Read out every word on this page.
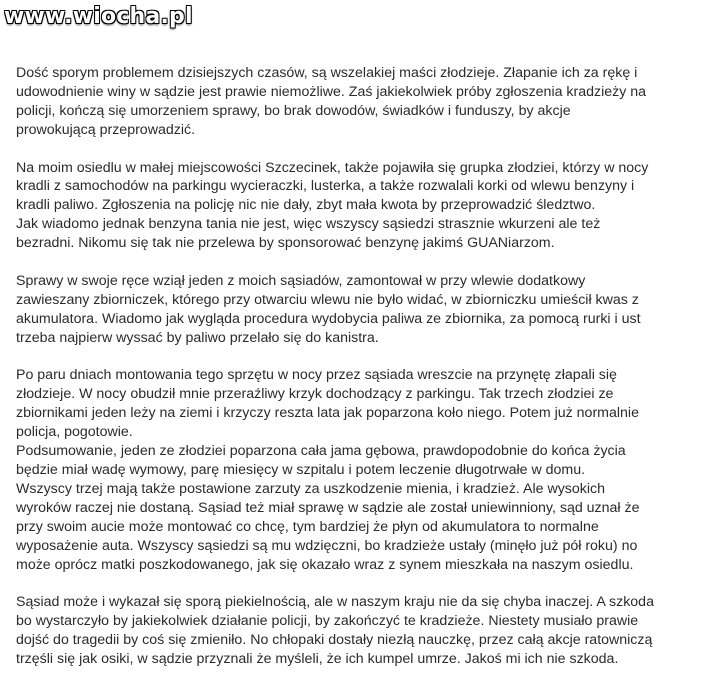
www.wiocha.pl

Dość sporym problemem dzisiejszych czasów, są wszelakiej maści złodzieje. Złapanie ich za rękę i
udowodnienie winy w sądzie jest prawie niemożliwe. Zaś jakiekolwiek próby zgłoszenia kradzieży na
policji, kończą się umorzeniem sprawy, bo brak dowodów, świadków i funduszy, by akcje
prowokującą przeprowadzić.

Na moim osiedlu w małej miejscowości Szczecinek, także pojawiła się grupka złodziei, którzy w nocy
kradli z samochodów na parkingu wycieraczki, lusterka, a także rozwalali korki od wlewu benzyny i
kradli paliwo. Zgłoszenia na policję nic nie dały, zbyt mała kwota by przeprowadzić śledztwo.
Jak wiadomo jednak benzyna tania nie jest, więc wszyscy sąsiedzi strasznie wkurzeni ale też
bezradni. Nikomu się tak nie przelewa by sponsorować benzynę jakimś GUANiarzom.

Sprawy w swoje ręce wziął jeden z moich sąsiadów, zamontował w przy wlewie dodatkowy
zawieszany zbiorniczek, którego przy otwarciu wlewu nie było widać, w zbiorniczku umieścił kwas z
akumulatora. Wiadomo jak wygląda procedura wydobycia paliwa ze zbiornika, za pomocą rurki i ust
trzeba najpierw wyssać by paliwo przelało się do kanistra.

Po paru dniach montowania tego sprzętu w nocy przez sąsiada wreszcie na przynętę złapali się
złodzieje. W nocy obudził mnie przeraźliwy krzyk dochodzący z parkingu. Tak trzech złodziei ze
zbiornikami jeden leży na ziemi i krzyczy reszta lata jak poparzona koło niego. Potem już normalnie
policja, pogotowie.
Podsumowanie, jeden ze złodziei poparzona cała jama gębowa, prawdopodobnie do końca życia
będzie miał wadę wymowy, parę miesięcy w szpitalu i potem leczenie długotrwałe w domu.
Wszyscy trzej mają także postawione zarzuty za uszkodzenie mienia, i kradzież. Ale wysokich
wyroków raczej nie dostaną. Sąsiad też miał sprawę w sądzie ale został uniewinniony, sąd uznał że
przy swoim aucie może montować co chcę, tym bardziej że płyn od akumulatora to normalne
wyposażenie auta. Wszyscy sąsiedzi są mu wdzięczni, bo kradzieże ustały (minęło już pół roku) no
może oprócz matki poszkodowanego, jak się okazało wraz z synem mieszkała na naszym osiedlu.

Sąsiad może i wykazał się sporą piekielnością, ale w naszym kraju nie da się chyba inaczej. A szkoda
bo wystarczyło by jakiekolwiek działanie policji, by zakończyć te kradzieże. Niestety musiało prawie
dojść do tragedii by coś się zmieniło. No chłopaki dostały niezłą nauczkę, przez całą akcje ratowniczą
trzęśli się jak osiki, w sądzie przyznali że myśleli, że ich kumpel umrze. Jakoś mi ich nie szkoda.
